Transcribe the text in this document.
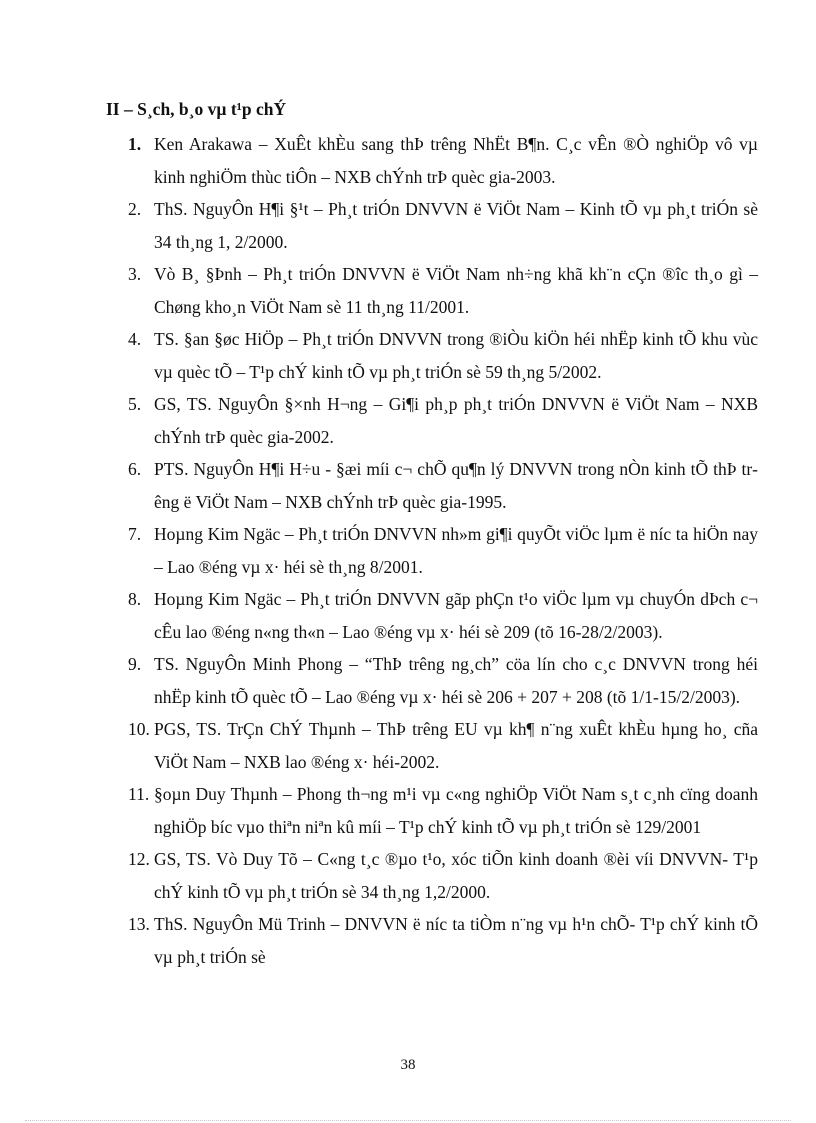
II – S¸ch, b¸o vµ t¹p chÝ
1. Ken Arakawa – XuÊt khÈu sang thÞ trêng NhËt B¶n. C¸c vÊn ®Ò nghiÖp vô vµ kinh nghiÖm thùc tiÔn – NXB chÝnh trÞ quèc gia-2003.
2. ThS. NguyÔn H¶i §¹t – Ph¸t triÓn DNVVN ë ViÖt Nam – Kinh tÕ vµ ph¸t triÓn sè 34 th¸ng 1, 2/2000.
3. Vò B¸ §Þnh – Ph¸t triÓn DNVVN ë ViÖt Nam nh÷ng khã kh¨n cÇn ®îc th¸o gì – Chøng kho¸n ViÖt Nam sè 11 th¸ng 11/2001.
4. TS. §an §øc HiÖp – Ph¸t triÓn DNVVN trong ®iÒu kiÖn héi nhËp kinh tÕ khu vùc vµ quèc tÕ – T¹p chÝ kinh tÕ vµ ph¸t triÓn sè 59 th¸ng 5/2002.
5. GS, TS. NguyÔn §×nh H¬ng – Gi¶i ph¸p ph¸t triÓn DNVVN ë ViÖt Nam – NXB chÝnh trÞ quèc gia-2002.
6. PTS. NguyÔn H¶i H÷u - §æi míi c¬ chÕ qu¶n lý DNVVN trong nÒn kinh tÕ thÞ trêng ë ViÖt Nam – NXB chÝnh trÞ quèc gia-1995.
7. Hoµng Kim Ngäc – Ph¸t triÓn DNVVN nh»m gi¶i quyÕt viÖc lµm ë níc ta hiÖn nay – Lao ®éng vµ x· héi sè th¸ng 8/2001.
8. Hoµng Kim Ngäc – Ph¸t triÓn DNVVN gãp phÇn t¹o viÖc lµm vµ chuyÓn dÞch c¬ cÊu lao ®éng n«ng th«n – Lao ®éng vµ x· héi sè 209 (tõ 16-28/2/2003).
9. TS. NguyÔn Minh Phong – “ThÞ trêng ng¸ch” cöa lín cho c¸c DNVVN trong héi nhËp kinh tÕ quèc tÕ – Lao ®éng vµ x· héi sè 206 + 207 + 208 (tõ 1/1-15/2/2003).
10. PGS, TS. TrÇn ChÝ Thµnh – ThÞ trêng EU vµ kh¶ n¨ng xuÊt khÈu hµng ho¸ cña ViÖt Nam – NXB lao ®éng x· héi-2002.
11. §oµn Duy Thµnh – Phong th¬ng m¹i vµ c«ng nghiÖp ViÖt Nam s¸t c¸nh cïng doanh nghiÖp bíc vµo thiªn niªn kû míi – T¹p chÝ kinh tÕ vµ ph¸t triÓn sè 129/2001
12. GS, TS. Vò Duy Tõ – C«ng t¸c ®µo t¹o, xóc tiÕn kinh doanh ®èi víi DNVVN- T¹p chÝ kinh tÕ vµ ph¸t triÓn sè 34 th¸ng 1,2/2000.
13. ThS. NguyÔn Mü Trinh – DNVVN ë níc ta tiÒm n¨ng vµ h¹n chÕ- T¹p chÝ kinh tÕ vµ ph¸t triÓn sè
38
